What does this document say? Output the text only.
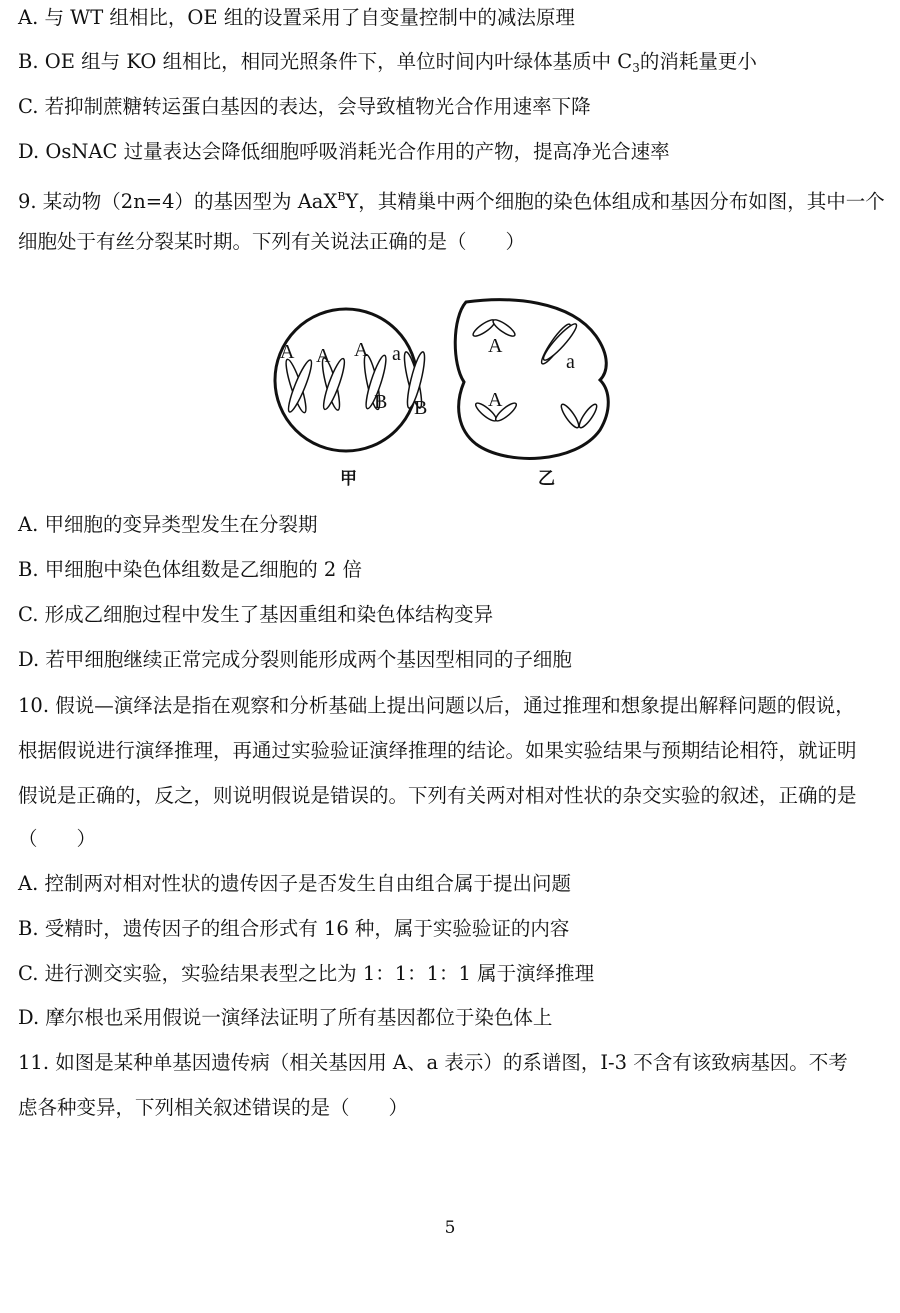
A. 与 WT 组相比，OE 组的设置采用了自变量控制中的减法原理
B. OE 组与 KO 组相比，相同光照条件下，单位时间内叶绿体基质中 $C_3$的消耗量更小
C. 若抑制蔗糖转运蛋白基因的表达，会导致植物光合作用速率下降
D. OsNAC 过量表达会降低细胞呼吸消耗光合作用的产物，提高净光合速率
9. 某动物（2n=4）的基因型为 AaX$^B$Y，其精巢中两个细胞的染色体组成和基因分布如图，其中一个
细胞处于有丝分裂某时期。下列有关说法正确的是（　　）
A A A a
B B
甲
A
a
A
乙
A. 甲细胞的变异类型发生在分裂期
B. 甲细胞中染色体组数是乙细胞的 2 倍
C. 形成乙细胞过程中发生了基因重组和染色体结构变异
D. 若甲细胞继续正常完成分裂则能形成两个基因型相同的子细胞
10. 假说—演绎法是指在观察和分析基础上提出问题以后，通过推理和想象提出解释问题的假说，
根据假说进行演绎推理，再通过实验验证演绎推理的结论。如果实验结果与预期结论相符，就证明
假说是正确的，反之，则说明假说是错误的。下列有关两对相对性状的杂交实验的叙述，正确的是
（　　）
A. 控制两对相对性状的遗传因子是否发生自由组合属于提出问题
B. 受精时，遗传因子的组合形式有 16 种，属于实验验证的内容
C. 进行测交实验，实验结果表型之比为 1：1：1：1 属于演绎推理
D. 摩尔根也采用假说一演绎法证明了所有基因都位于染色体上
11. 如图是某种单基因遗传病（相关基因用 A、a 表示）的系谱图，Ⅰ-3 不含有该致病基因。不考
虑各种变异，下列相关叙述错误的是（　　）
5
